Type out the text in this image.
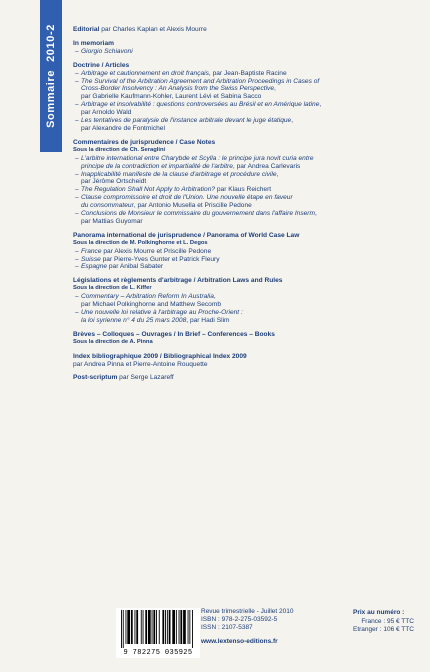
Sommaire2010-2 Editorial par Charles Kaplan et Alexis Mourre
In memoriam
– Giorgio Schiavoni
Doctrine / Articles
– Arbitrage et cautionnement en droit français, par Jean-Baptiste Racine
– The Survival of the Arbitration Agreement and Arbitration Proceedings in Cases of
Cross-Border Insolvency : An Analysis from the Swiss Perspective,
par Gabrielle Kaufmann-Kohler, Laurent Lévi et Sabina Sacco
– Arbitrage et insolvabilité : questions controversées au Brésil et en Amérique latine,
par Arnoldo Wald
– Les tentatives de paralysie de l'instance arbitrale devant le juge étatique,
par Alexandre de Fontmichel
Commentaires de jurisprudence / Case Notes
Sous la direction de Ch. Seraglini
– L'arbitre international entre Charybde et Scylla : le principe jura novit curia entre
principe de la contradiction et impartialité de l'arbitre, par Andrea Carlevaris
– Inapplicabilité manifeste de la clause d'arbitrage et procédure civile,
par Jérôme Ortscheidt
– The Regulation Shall Not Apply to Arbitration? par Klaus Reichert
– Clause compromissoire et droit de l'Union. Une nouvelle étape en faveur
du consommateur, par Antonio Musella et Priscille Pedone
– Conclusions de Monsieur le commissaire du gouvernement dans l'affaire Inserm,
par Mattias Guyomar
Panorama international de jurisprudence / Panorama of World Case Law
Sous la direction de M. Polkinghorne et L. Degos
– France par Alexis Mourre et Priscille Pedone
– Suisse par Pierre-Yves Gunter et Patrick Fleury
– Espagne par Anibal Sabater
Législations et règlements d'arbitrage / Arbitration Laws and Rules
Sous la direction de L. Kiffer
– Commentary – Arbitration Reform In Australia,
par Michael Polkinghorne and Matthew Secomb
– Une nouvelle loi relative à l'arbitrage au Proche-Orient :
la loi syrienne n° 4 du 25 mars 2008, par Hadi Slim
Brèves – Colloques – Ouvrages / In Brief – Conferences – Books
Sous la direction de A. Pinna
Index bibliographique 2009 / Bibliographical Index 2009
par Andrea Pinna et Pierre-Antoine Rouquette
Post-scriptum par Serge Lazareff
9 782275 035925
Revue trimestrielle - Juillet 2010
ISBN : 978-2-275-03592-5
ISSN : 2107-5387
www.lextenso-editions.fr
Prix au numéro :
France : 95 € TTC
Etranger : 106 € TTC
